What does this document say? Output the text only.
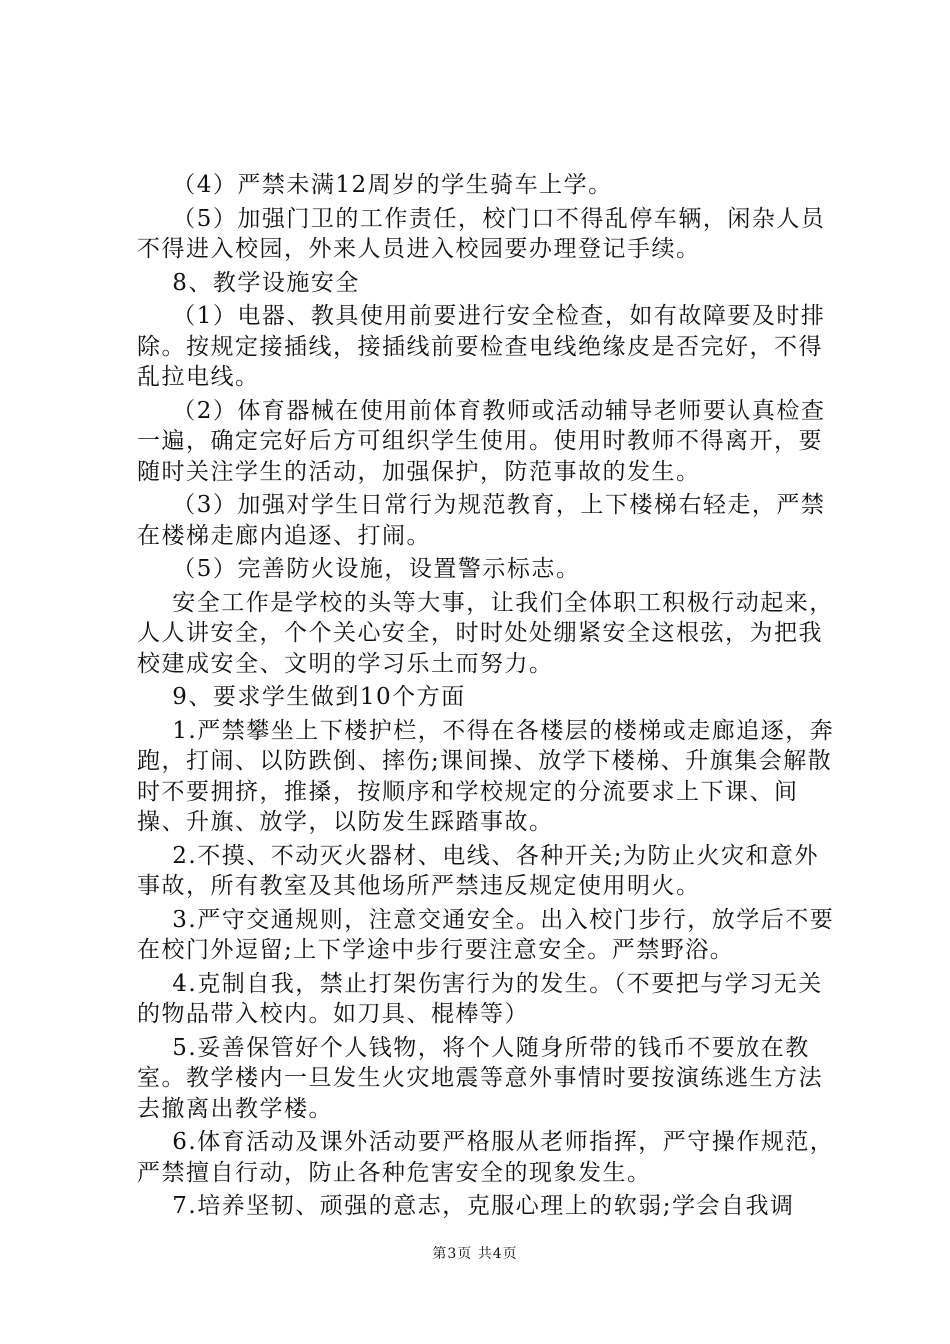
（4）严禁未满12周岁的学生骑车上学。

（5）加强门卫的工作责任，校门口不得乱停车辆，闲杂人员不得进入校园，外来人员进入校园要办理登记手续。

8、教学设施安全

（1）电器、教具使用前要进行安全检查，如有故障要及时排除。按规定接插线，接插线前要检查电线绝缘皮是否完好，不得乱拉电线。

（2）体育器械在使用前体育教师或活动辅导老师要认真检查一遍，确定完好后方可组织学生使用。使用时教师不得离开，要随时关注学生的活动，加强保护，防范事故的发生。

（3）加强对学生日常行为规范教育，上下楼梯右轻走，严禁在楼梯走廊内追逐、打闹。

（5）完善防火设施，设置警示标志。

安全工作是学校的头等大事，让我们全体职工积极行动起来，人人讲安全，个个关心安全，时时处处绷紧安全这根弦，为把我校建成安全、文明的学习乐土而努力。

9、要求学生做到10个方面

1.严禁攀坐上下楼护栏，不得在各楼层的楼梯或走廊追逐，奔跑，打闹、以防跌倒、摔伤;课间操、放学下楼梯、升旗集会解散时不要拥挤，推搡，按顺序和学校规定的分流要求上下课、间操、升旗、放学，以防发生踩踏事故。

2.不摸、不动灭火器材、电线、各种开关;为防止火灾和意外事故，所有教室及其他场所严禁违反规定使用明火。

3.严守交通规则，注意交通安全。出入校门步行，放学后不要在校门外逗留;上下学途中步行要注意安全。严禁野浴。

4.克制自我，禁止打架伤害行为的发生。（不要把与学习无关的物品带入校内。如刀具、棍棒等）

5.妥善保管好个人钱物，将个人随身所带的钱币不要放在教室。教学楼内一旦发生火灾地震等意外事情时要按演练逃生方法去撤离出教学楼。

6.体育活动及课外活动要严格服从老师指挥，严守操作规范，严禁擅自行动，防止各种危害安全的现象发生。

7.培养坚韧、顽强的意志，克服心理上的软弱;学会自我调

第3页 共4页
